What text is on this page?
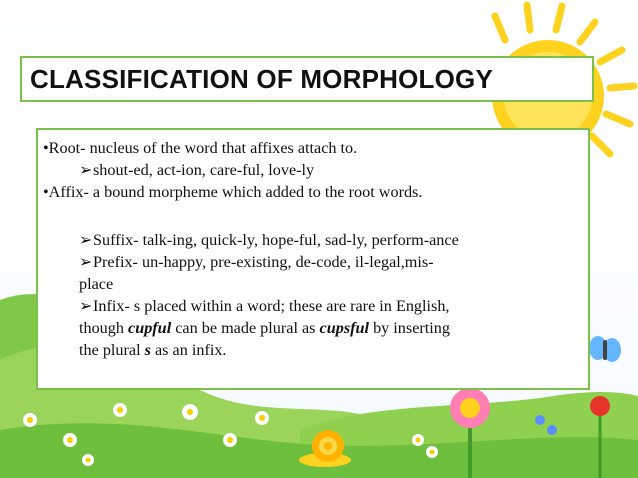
CLASSIFICATION OF MORPHOLOGY
•Root- nucleus of the word that affixes attach to.
➢shout-ed, act-ion, care-ful, love-ly
•Affix- a bound morpheme which added to the root words.
➢Suffix- talk-ing, quick-ly, hope-ful, sad-ly, perform-ance
➢Prefix- un-happy, pre-existing, de-code, il-legal,mis-
place
➢Infix- s placed within a word; these are rare in English,
though cupful can be made plural as cupsful by inserting
the plural s as an infix.
